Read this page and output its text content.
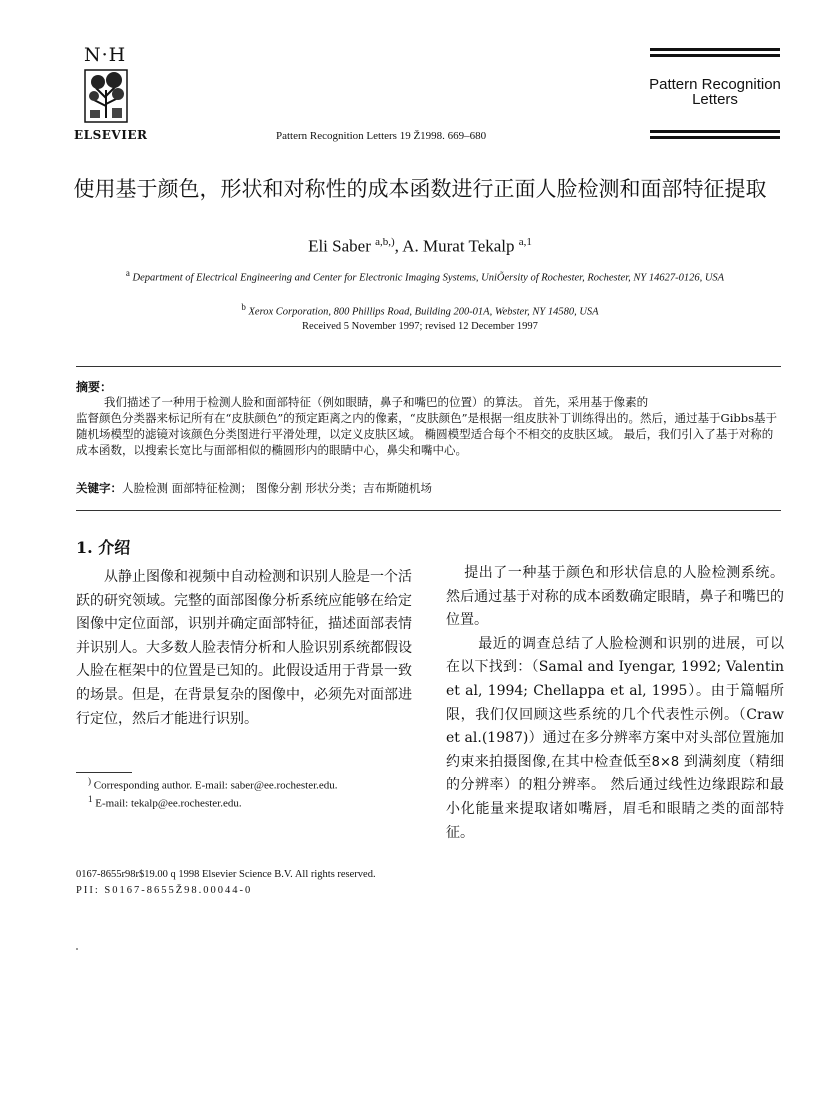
N·H
ELSEVIER	Pattern Recognition Letters 19 Ž1998. 669–680
Pattern Recognition
Letters
使用基于颜色，形状和对称性的成本函数进行正面人脸检测和面部特征提取
Eli Saber $^{a,b,)}$, A. Murat Tekalp $^{a,1}$
$^a$ Department of Electrical Engineering and Center for Electronic Imaging Systems, UniÕersity of Rochester, Rochester, NY 14627-0126, USA
$^b$ Xerox Corporation, 800 Phillips Road, Building 200-01A, Webster, NY 14580, USA
Received 5 November 1997; revised 12 December 1997
摘要：
我们描述了一种用于检测人脸和面部特征（例如眼睛，鼻子和嘴巴的位置）的算法。 首先，采用基于像素的
监督颜色分类器来标记所有在“皮肤颜色”的预定距离之内的像素，“皮肤颜色”是根据一组皮肤补丁训练得出的。然后，通过基于Gibbs基于随机场模型的滤镜对该颜色分类图进行平滑处理，以定义皮肤区域。 椭圆模型适合每个不相交的皮肤区域。 最后，我们引入了基于对称的成本函数，以搜索长宽比与面部相似的椭圆形内的眼睛中心，鼻尖和嘴中心。
关键字：人脸检测 面部特征检测； 图像分割 形状分类；吉布斯随机场
1. 介绍
从静止图像和视频中自动检测和识别人脸是一个活跃的研究领域。完整的面部图像分析系统应能够在给定图像中定位面部，识别并确定面部特征，描述面部表情并识别人。大多数人脸表情分析和人脸识别系统都假设人脸在框架中的位置是已知的。此假设适用于背景一致的场景。但是，在背景复杂的图像中，必须先对面部进行定位，然后才能进行识别。

提出了一种基于颜色和形状信息的人脸检测系统。 然后通过基于对称的成本函数确定眼睛，鼻子和嘴巴的位置。

最近的调查总结了人脸检测和识别的进展，可以在以下找到：（Samal and Iyengar, 1992; Valentin et al, 1994; Chellappa et al, 1995）。由于篇幅所限，我们仅回顾这些系统的几个代表性示例。（Craw et al.(1987)）通过在多分辨率方案中对头部位置施加约束来拍摄图像,在其中检查低至8×8 到满刻度（精细的分辨率）的粗分辨率。 然后通过线性边缘跟踪和最小化能量来提取诸如嘴唇，眉毛和眼睛之类的面部特征。

) Corresponding author. E-mail: saber@ee.rochester.edu.
$^1$ E-mail: tekalp@ee.rochester.edu.
0167-8655r98r$19.00 q 1998 Elsevier Science B.V. All rights reserved.
PII: S0167-8655Ž98.00044-0
